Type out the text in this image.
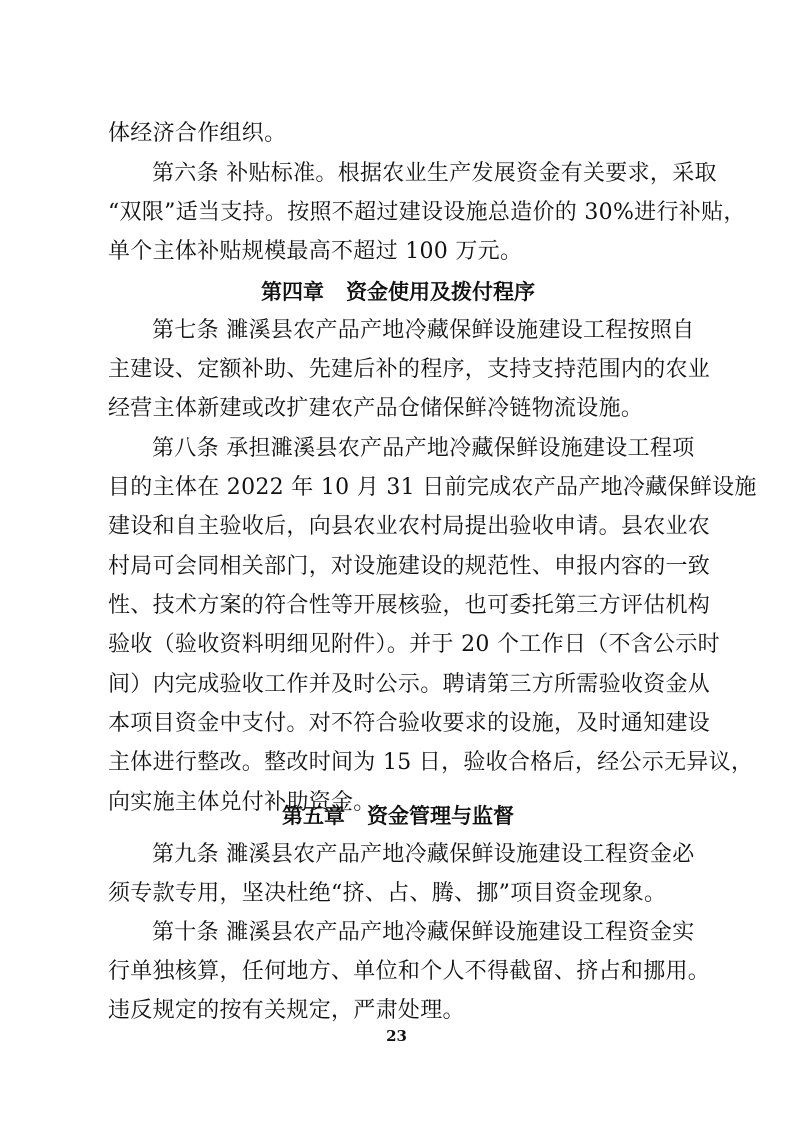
体经济合作组织。
第六条 补贴标准。根据农业生产发展资金有关要求，采取
“双限”适当支持。按照不超过建设设施总造价的 30%进行补贴，
单个主体补贴规模最高不超过 100 万元。
第四章   资金使用及拨付程序
第七条 濉溪县农产品产地冷藏保鲜设施建设工程按照自
主建设、定额补助、先建后补的程序，支持支持范围内的农业
经营主体新建或改扩建农产品仓储保鲜冷链物流设施。
第八条 承担濉溪县农产品产地冷藏保鲜设施建设工程项
目的主体在 2022 年 10 月 31 日前完成农产品产地冷藏保鲜设施
建设和自主验收后，向县农业农村局提出验收申请。县农业农
村局可会同相关部门，对设施建设的规范性、申报内容的一致
性、技术方案的符合性等开展核验，也可委托第三方评估机构
验收（验收资料明细见附件）。并于 20 个工作日（不含公示时
间）内完成验收工作并及时公示。聘请第三方所需验收资金从
本项目资金中支付。对不符合验收要求的设施，及时通知建设
主体进行整改。整改时间为 15 日，验收合格后，经公示无异议，
向实施主体兑付补助资金。
第五章   资金管理与监督
第九条 濉溪县农产品产地冷藏保鲜设施建设工程资金必
须专款专用，坚决杜绝“挤、占、腾、挪”项目资金现象。
第十条 濉溪县农产品产地冷藏保鲜设施建设工程资金实
行单独核算，任何地方、单位和个人不得截留、挤占和挪用。
违反规定的按有关规定，严肃处理。
23
